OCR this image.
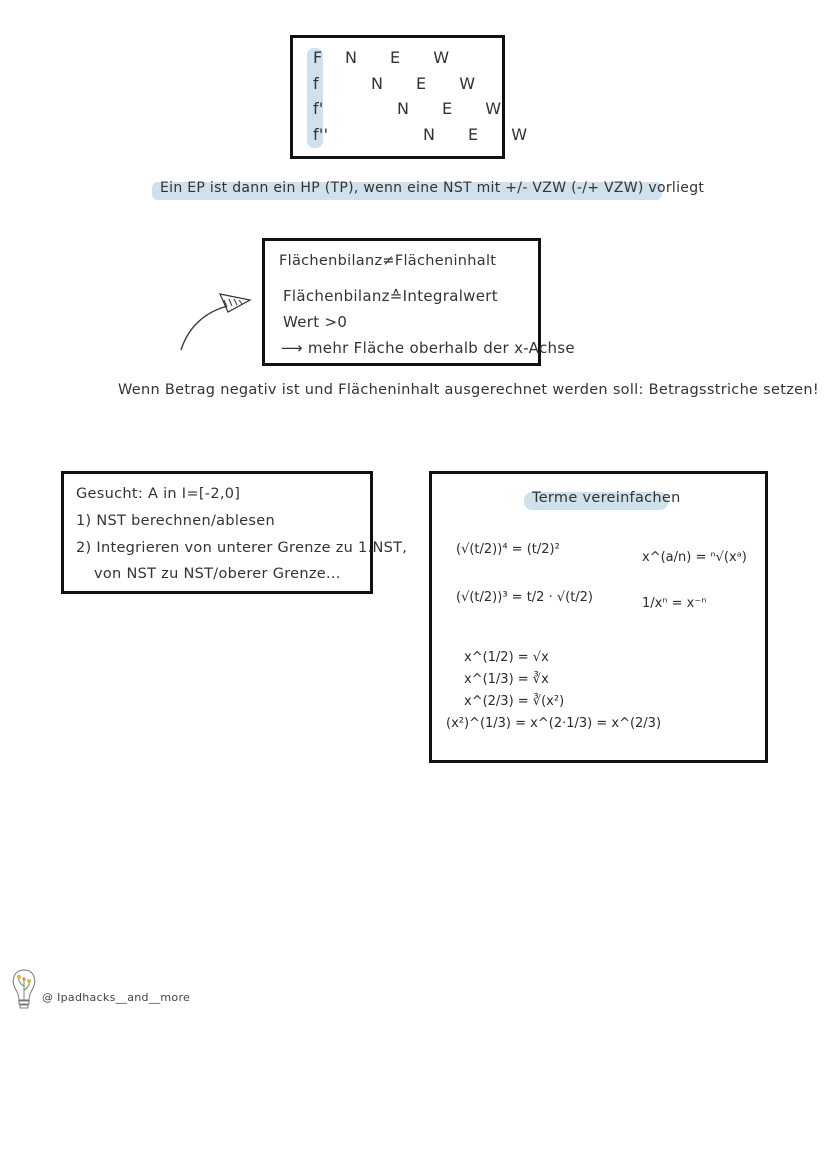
F	N E W
f	N E W
f'	N E W
f''	N E W
Ein EP ist dann ein HP (TP), wenn eine NST mit +/- VZW (-/+ VZW) vorliegt
Flächenbilanz≠Flächeninhalt
Flächenbilanz≙Integralwert
Wert >0
⟶ mehr Fläche oberhalb der x-Achse
Wenn Betrag negativ ist und Flächeninhalt ausgerechnet werden soll: Betragsstriche setzen!
Gesucht: A in I=[-2,0]
1) NST berechnen/ablesen
2) Integrieren von unterer Grenze zu 1.NST,
von NST zu NST/oberer Grenze...
Terme vereinfachen
(√(t/2))⁴ = (t/2)²
(√(t/2))³ = t/2 · √(t/2)
x^(a/n) = ⁿ√(xᵃ)
1/xⁿ = x⁻ⁿ
x^(1/2) = √x
x^(1/3) = ∛x
x^(2/3) = ∛(x²)
(x²)^(1/3) = x^(2·1/3) = x^(2/3)
@ Ipadhacks__and__more
